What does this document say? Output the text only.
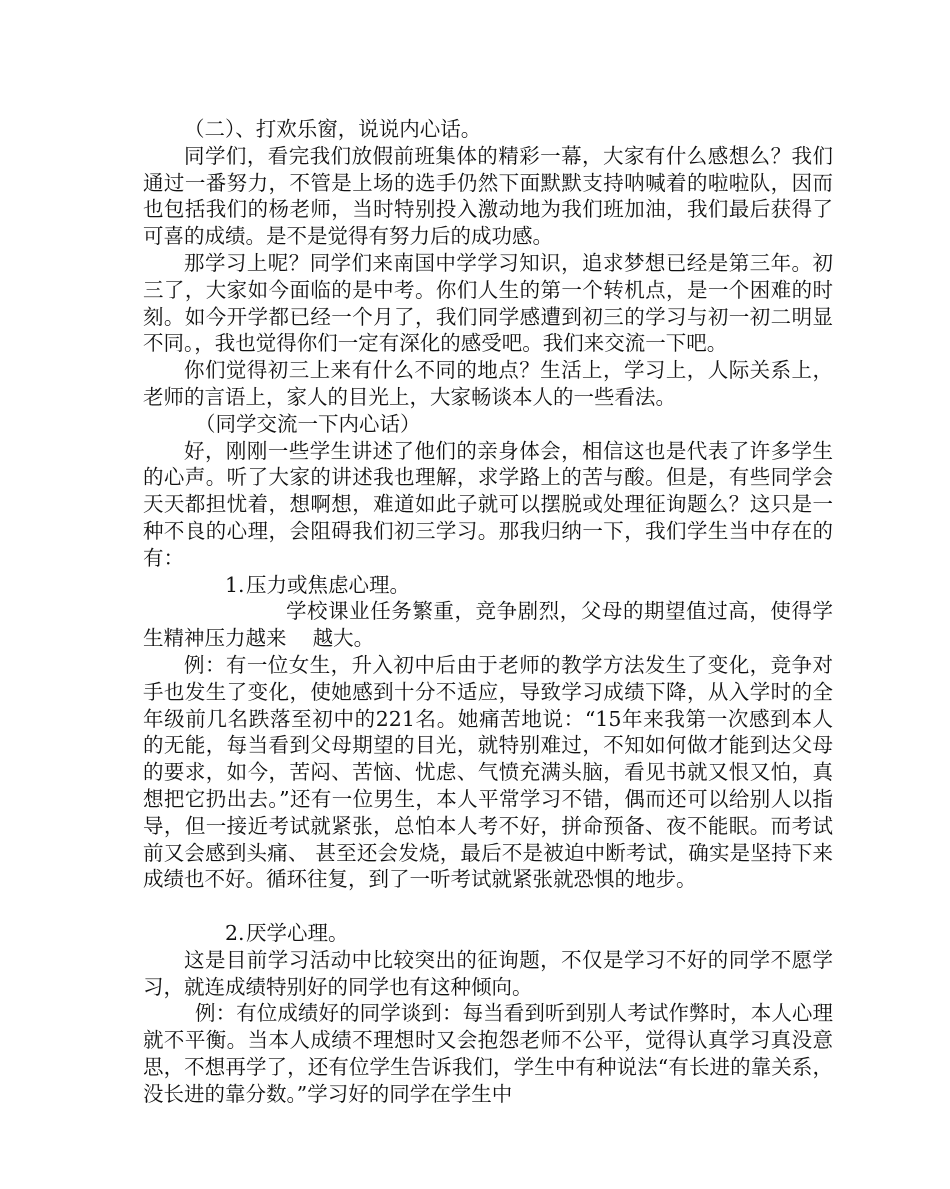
（二）、打欢乐窗，说说内心话。

同学们，看完我们放假前班集体的精彩一幕，大家有什么感想么？我们通过一番努力，不管是上场的选手仍然下面默默支持呐喊着的啦啦队，因而也包括我们的杨老师，当时特别投入激动地为我们班加油，我们最后获得了可喜的成绩。是不是觉得有努力后的成功感。

那学习上呢？同学们来南国中学学习知识，追求梦想已经是第三年。初三了，大家如今面临的是中考。你们人生的第一个转机点，是一个困难的时刻。如今开学都已经一个月了，我们同学感遭到初三的学习与初一初二明显不同。，我也觉得你们一定有深化的感受吧。我们来交流一下吧。

你们觉得初三上来有什么不同的地点？生活上，学习上，人际关系上，老师的言语上，家人的目光上，大家畅谈本人的一些看法。

（同学交流一下内心话）

好，刚刚一些学生讲述了他们的亲身体会，相信这也是代表了许多学生的心声。听了大家的讲述我也理解，求学路上的苦与酸。但是，有些同学会天天都担忧着，想啊想，难道如此子就可以摆脱或处理征询题么？这只是一种不良的心理，会阻碍我们初三学习。那我归纳一下，我们学生当中存在的有：

1.压力或焦虑心理。

学校课业任务繁重，竞争剧烈，父母的期望值过高，使得学生精神压力越来    越大。

例：有一位女生，升入初中后由于老师的教学方法发生了变化，竞争对手也发生了变化，使她感到十分不适应，导致学习成绩下降，从入学时的全年级前几名跌落至初中的221名。她痛苦地说：“15年来我第一次感到本人的无能，每当看到父母期望的目光，就特别难过，不知如何做才能到达父母的要求，如今，苦闷、苦恼、忧虑、气愤充满头脑，看见书就又恨又怕，真想把它扔出去。”还有一位男生，本人平常学习不错，偶而还可以给别人以指导，但一接近考试就紧张，总怕本人考不好，拼命预备、夜不能眠。而考试前又会感到头痛、 甚至还会发烧，最后不是被迫中断考试，确实是坚持下来成绩也不好。循环往复，到了一听考试就紧张就恐惧的地步。

2.厌学心理。

这是目前学习活动中比较突出的征询题，不仅是学习不好的同学不愿学习，就连成绩特别好的同学也有这种倾向。

例：有位成绩好的同学谈到：每当看到听到别人考试作弊时，本人心理就不平衡。当本人成绩不理想时又会抱怨老师不公平，觉得认真学习真没意思，不想再学了，还有位学生告诉我们，学生中有种说法“有长进的靠关系，没长进的靠分数。”学习好的同学在学生中
